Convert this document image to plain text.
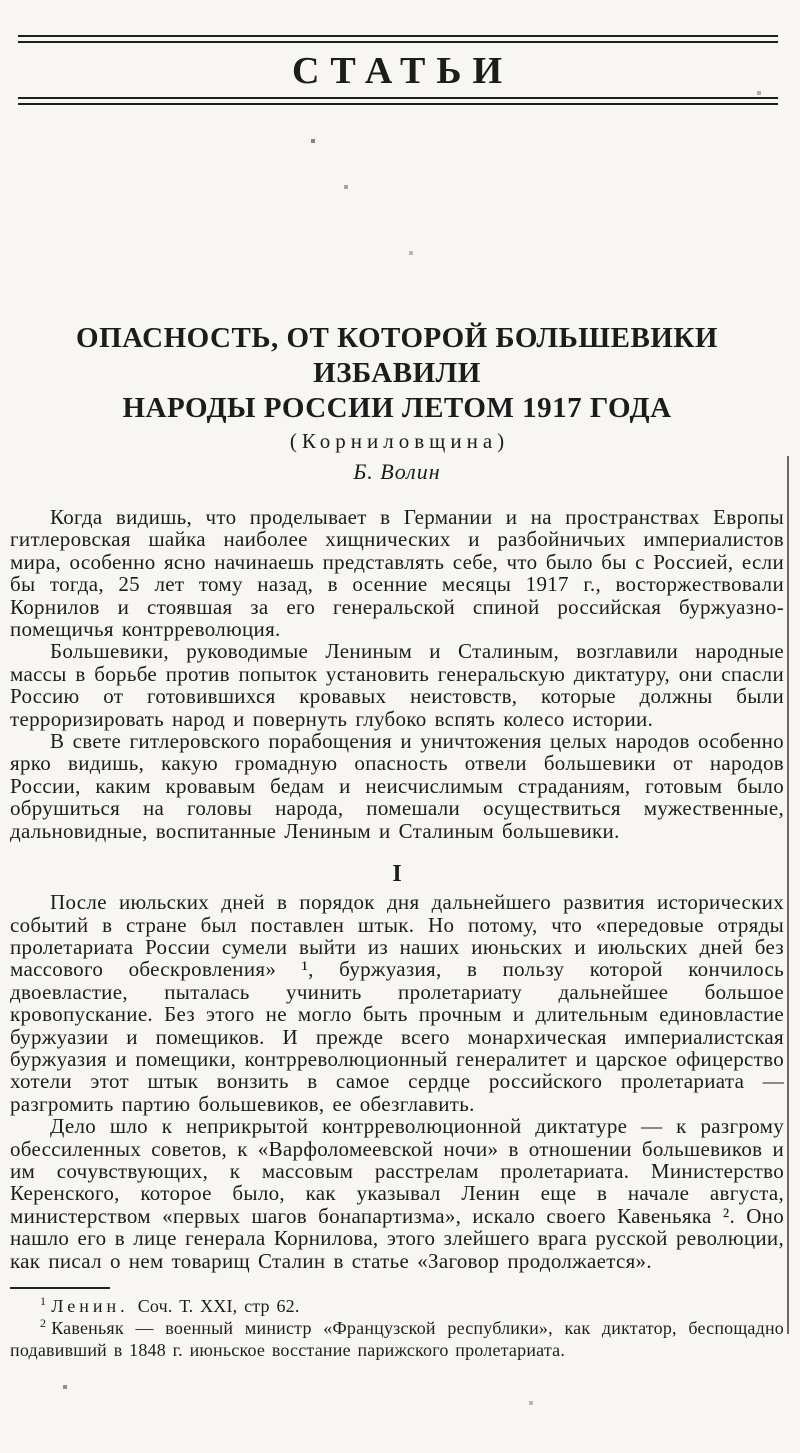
СТАТЬИ
ОПАСНОСТЬ, ОТ КОТОРОЙ БОЛЬШЕВИКИ ИЗБАВИЛИ
НАРОДЫ РОССИИ ЛЕТОМ 1917 ГОДА
(Корниловщина)
Б. Волин

Когда видишь, что проделывает в Германии и на пространствах Европы гитлеровская шайка наиболее хищнических и разбойничьих империалистов мира, особенно ясно начинаешь представлять себе, что было бы с Россией, если бы тогда, 25 лет тому назад, в осенние месяцы 1917 г., восторжествовали Корнилов и стоявшая за его генеральской спиной российская буржуазно-помещичья контрреволюция.

Большевики, руководимые Лениным и Сталиным, возглавили народные массы в борьбе против попыток установить генеральскую диктатуру, они спасли Россию от готовившихся кровавых неистовств, которые должны были терроризировать народ и повернуть глубоко вспять колесо истории.

В свете гитлеровского порабощения и уничтожения целых народов особенно ярко видишь, какую громадную опасность отвели большевики от народов России, каким кровавым бедам и неисчислимым страданиям, готовым было обрушиться на головы народа, помешали осуществиться мужественные, дальновидные, воспитанные Лениным и Сталиным большевики.

I

После июльских дней в порядок дня дальнейшего развития исторических событий в стране был поставлен штык. Но потому, что «передовые отряды пролетариата России сумели выйти из наших июньских и июльских дней без массового обескровления» ¹, буржуазия, в пользу которой кончилось двоевластие, пыталась учинить пролетариату дальнейшее большое кровопускание. Без этого не могло быть прочным и длительным единовластие буржуазии и помещиков. И прежде всего монархическая империалистская буржуазия и помещики, контрреволюционный генералитет и царское офицерство хотели этот штык вонзить в самое сердце российского пролетариата — разгромить партию большевиков, ее обезглавить.

Дело шло к неприкрытой контрреволюционной диктатуре — к разгрому обессиленных советов, к «Варфоломеевской ночи» в отношении большевиков и им сочувствующих, к массовым расстрелам пролетариата. Министерство Керенского, которое было, как указывал Ленин еще в начале августа, министерством «первых шагов бонапартизма», искало своего Кавеньяка ². Оно нашло его в лице генерала Корнилова, этого злейшего врага русской революции, как писал о нем товарищ Сталин в статье «Заговор продолжается».

$^1$ Ленин. Соч. Т. XXI, стр 62.

$^2$ Кавеньяк — военный министр «Французской республики», как диктатор, беспощадно подавивший в 1848 г. июньское восстание парижского пролетариата.
